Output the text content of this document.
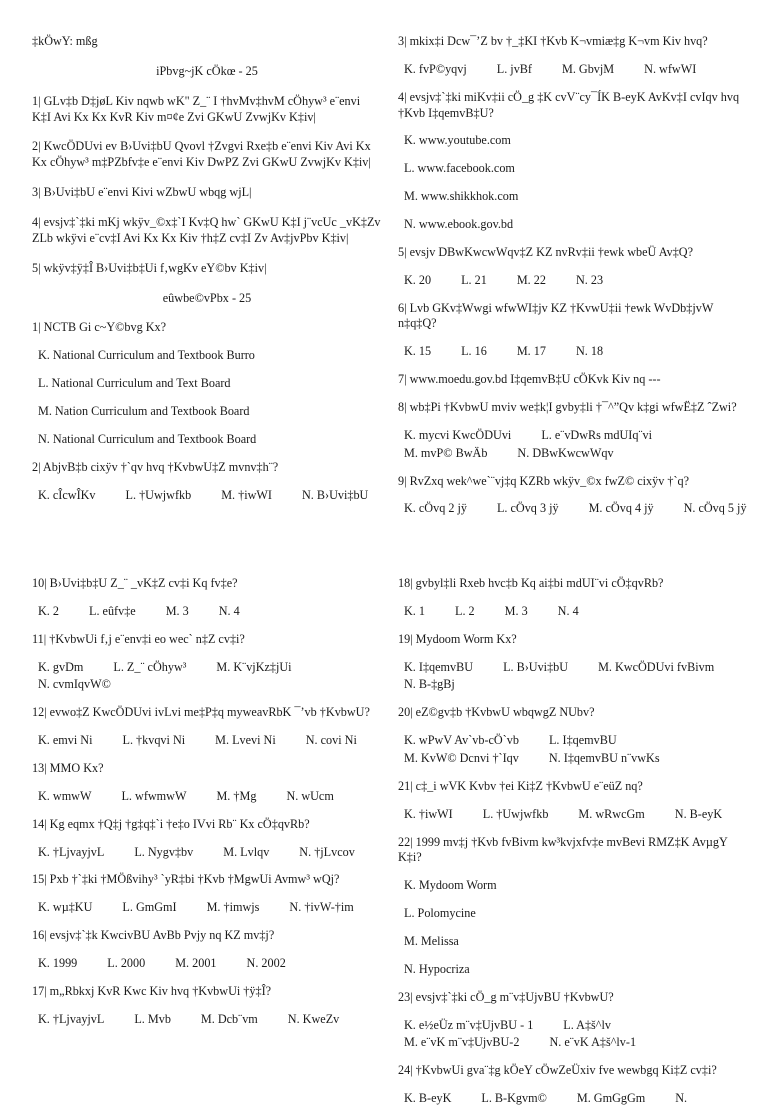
‡kÖwY: mßg
iPbvg~jK cÖkœ - 25
1| GLv‡b D‡jøL Kiv nqwb wK" Z_¨ I †hvMv‡hvM cÖhyw³ e¨envi K‡I Avi Kx Kx KvR Kiv m¤¢e Zvi GKwU ZvwjKv K‡iv|
2| KwcÖDUvi ev B›Uvi‡bU Qvovl †Zvgvi Rxe‡b e¨envi Kiv Avi Kx Kx cÖhyw³ m‡PZbfv‡e e¨envi Kiv DwPZ Zvi GKwU ZvwjKv K‡iv|
3| B›Uvi‡bU e¨envi Kivi wZbwU wbqg wjL|
4| evsjv‡`‡ki mKj wkÿv_©x‡`I Kv‡Q hw` GKwU K‡I j¨vcUc _vK‡Zv ZLb wkÿvi e¨cv‡I Avi Kx Kx Kiv †h‡Z cv‡I Zv Av‡jvPbv K‡iv|
5| wkÿv‡ÿ‡Î B›Uvi‡b‡Ui f‚wgKv eY©bv K‡iv|
eûwbe©vPbx - 25
1| NCTB Gi c~Y©bvg Kx?
K. National Curriculum and Textbook Burro
L. National Curriculum and Text Board
M. Nation Curriculum and Textbook Board
N. National Curriculum and Textbook Board
2| AbjvB‡b cixÿv †`qv hvq †KvbwU‡Z mvnv‡h¨?
K. cÎcwÎKv L. †Uwjwfkb M. †iwWI N. B›Uvi‡bU
3| mkix‡i Dcw¯’Z bv †_‡KI †Kvb K¬vmiæ‡g K¬vm Kiv hvq?
K. fvP©yqvj L. jvBf M. GbvjM N. wfwWI
4| evsjv‡`‡ki miKv‡ii cÖ_g ‡K cvV¨cy¯ÍK B-eyK AvKv‡I cvIqv hvq †Kvb I‡qemvB‡U?
K. www.youtube.com
L. www.facebook.com
M. www.shikkhok.com
N. www.ebook.gov.bd
5| evsjv DBwKwcwWqv‡Z KZ nvRv‡ii †ewk wbeÜ Av‡Q?
K. 20 L. 21 M. 22 N. 23
6| Lvb GKv‡Wwgi wfwWI‡jv KZ †KvwU‡ii †ewk WvDb‡jvW n‡q‡Q?
K. 15 L. 16 M. 17 N. 18
7| www.moedu.gov.bd I‡qemvB‡U cÖKvk Kiv nq ---
8| wb‡Pi †KvbwU mviv we‡k¦I gvby‡li †¯^”Qv k‡gi wfwË‡Z ˆZwi?
K. mycvi KwcÖDUvi L. e¨vDwRs mdUIq¨vi
M. mvP© BwÄb N. DBwKwcwWqv
9| RvZxq wek^we`¨vj‡q KZRb wkÿv_©x fwZ© cixÿv †`q?
K. cÖvq 2 jÿ L. cÖvq 3 jÿ M. cÖvq 4 jÿ N. cÖvq 5 jÿ
10| B›Uvi‡b‡U Z_¨ _vK‡Z cv‡i Kq fv‡e?
K. 2 L. eûfv‡e M. 3 N. 4
11| †KvbwUi f‚j e¨env‡i eo wec` n‡Z cv‡i?
K. gvDm L. Z_¨ cÖhyw³ M. K¨vjKz‡jUi
N. cvmIqvW©
12| evwo‡Z KwcÖDUvi ivLvi me‡P‡q myweavRbK ¯’vb †KvbwU?
K. emvi Ni L. †kvqvi Ni M. Lvevi Ni N. covi Ni
13| MMO Kx?
K. wmwW L. wfwmwW M. †Mg N. wUcm
14| Kg eqmx †Q‡j †g‡q‡`i †e‡o IVvi Rb¨ Kx cÖ‡qvRb?
K. †LjvayjvL L. Nygv‡bv M. Lvlqv N. †jLvcov
15| Pxb †`‡ki †MÖßvihy³ `yR‡bi †Kvb †MgwUi Avmw³ wQj?
K. wµ‡KU L. GmGmI M. †imwjs N. †ivW-†im
16| evsjv‡`‡k KwcivBU AvBb Pvjy nq KZ mv‡j?
K. 1999 L. 2000 M. 2001 N. 2002
17| m„Rbkxj KvR Kwc Kiv hvq †KvbwUi †ÿ‡Î?
K. †LjvayjvL L. Mvb M. Dcb¨vm N. KweZv
18| gvbyl‡li Rxeb hvc‡b Kq ai‡bi mdUI¨vi cÖ‡qvRb?
K. 1 L. 2 M. 3 N. 4
19| Mydoom Worm Kx?
K. I‡qemvBU L. B›Uvi‡bU M. KwcÖDUvi fvBivm
N. B-‡gBj
20| eZ©gv‡b †KvbwU wbqwgZ NUbv?
K. wPwV Av`vb-cÖ`vb L. I‡qemvBU
M. KvW© Dcnvi †`Iqv N. I‡qemvBU n¨vwKs
21| c‡_i wVK Kvbv †ei Ki‡Z †KvbwU e¨eüZ nq?
K. †iwWI L. †Uwjwfkb M. wRwcGm N. B-eyK
22| 1999 mv‡j †Kvb fvBivm kw³kvjxfv‡e mvBevi RMZ‡K AvµgY K‡i?
K. Mydoom Worm
L. Polomycine
M. Melissa
N. Hypocriza
23| evsjv‡`‡ki cÖ_g m¨v‡UjvBU †KvbwU?
K. e½eÜz m¨v‡UjvBU - 1 L. A‡š^lv
M. e¨vK m¨v‡UjvBU-2 N. e¨vK A‡š^lv-1
24| †KvbwUi gva¨‡g kÖeY cÖwZeÜxiv fve wewbgq Ki‡Z cv‡i?
K. B-eyK L. B-Kgvm© M. GmGgGm N.
